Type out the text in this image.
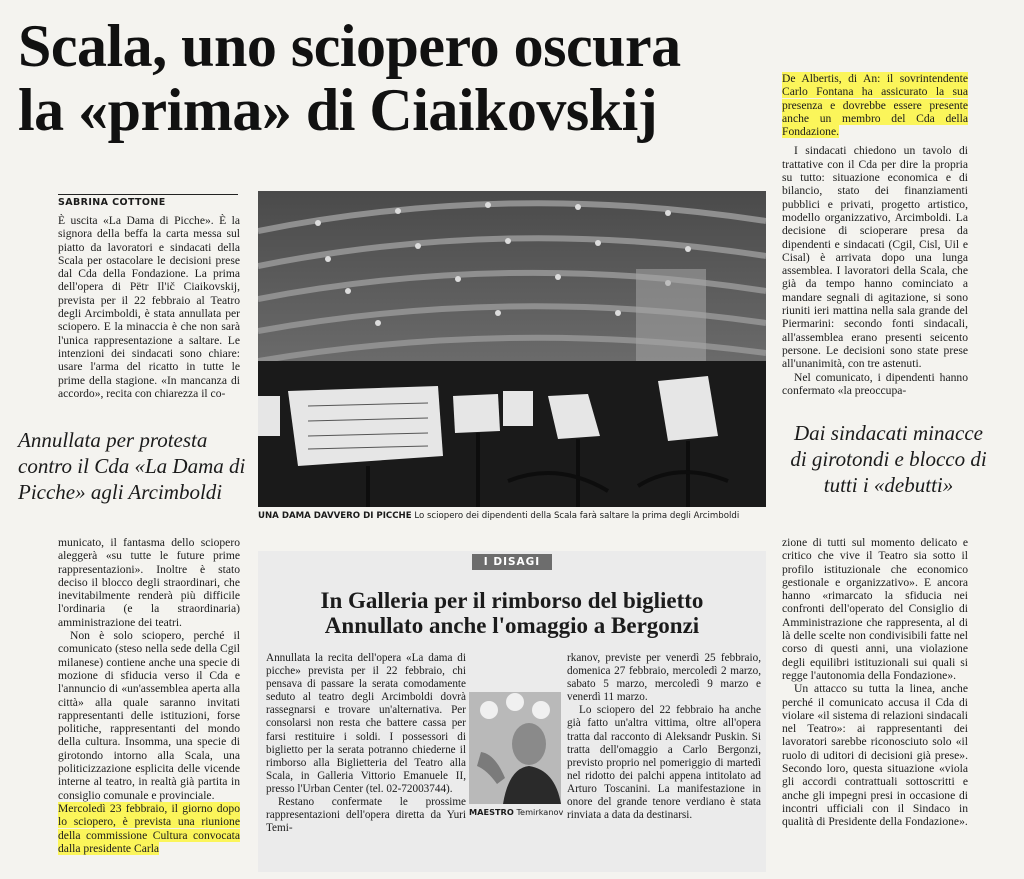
Scala, uno sciopero oscura
la «prima» di Ciaikovskij
SABRINA COTTONE

È uscita «La Dama di Picche». È la signora della beffa la carta messa sul piatto da lavoratori e sindacati della Scala per ostacolare le decisioni prese dal Cda della Fondazione. La prima dell'opera di Pëtr Il'ič Ciaikovskij, prevista per il 22 febbraio al Teatro degli Arcimboldi, è stata annullata per sciopero. E la minaccia è che non sarà l'unica rappresentazione a saltare. Le intenzioni dei sindacati sono chiare: usare l'arma del ricatto in tutte le prime della stagione. «In mancanza di accordo», recita con chiarezza il co-

Annullata per protesta contro il Cda «La Dama di Picche» agli Arcimboldi

municato, il fantasma dello sciopero aleggerà «su tutte le future prime rappresentazioni». Inoltre è stato deciso il blocco degli straordinari, che inevitabilmente renderà più difficile l'ordinaria (e la straordinaria) amministrazione dei teatri.

Non è solo sciopero, perché il comunicato (steso nella sede della Cgil milanese) contiene anche una specie di mozione di sfiducia verso il Cda e l'annuncio di «un'assemblea aperta alla città» alla quale saranno invitati rappresentanti delle istituzioni, forse politiche, rappresentanti del mondo della cultura. Insomma, una specie di girotondo intorno alla Scala, una politicizzazione esplicita delle vicende interne al teatro, in realtà già partita in consiglio comunale e provinciale.

Mercoledì 23 febbraio, il giorno dopo lo sciopero, è prevista una riunione della commissione Cultura convocata dalla presidente Carla

UNA DAMA DAVVERO DI PICCHE Lo sciopero dei dipendenti della Scala farà saltare la prima degli Arcimboldi
I DISAGI
In Galleria per il rimborso del biglietto
Annullato anche l'omaggio a Bergonzi

Annullata la recita dell'opera «La dama di picche» prevista per il 22 febbraio, chi pensava di passare la serata comodamente seduto al teatro degli Arcimboldi dovrà rassegnarsi e trovare un'alternativa. Per consolarsi non resta che battere cassa per farsi restituire i soldi. I possessori di biglietto per la serata potranno chiederne il rimborso alla Biglietteria del Teatro alla Scala, in Galleria Vittorio Emanuele II, presso l'Urban Center (tel. 02-72003744).

Restano confermate le prossime rappresentazioni dell'opera diretta da Yuri Temi-

MAESTRO Temirkanov

rkanov, previste per venerdì 25 febbraio, domenica 27 febbraio, mercoledì 2 marzo, sabato 5 marzo, mercoledì 9 marzo e venerdì 11 marzo.

Lo sciopero del 22 febbraio ha anche già fatto un'altra vittima, oltre all'opera tratta dal racconto di Aleksandr Puskin. Si tratta dell'omaggio a Carlo Bergonzi, previsto proprio nel pomeriggio di martedì nel ridotto dei palchi appena intitolato ad Arturo Toscanini. La manifestazione in onore del grande tenore verdiano è stata rinviata a data da destinarsi.

De Albertis, di An: il sovrintendente Carlo Fontana ha assicurato la sua presenza e dovrebbe essere presente anche un membro del Cda della Fondazione.

I sindacati chiedono un tavolo di trattative con il Cda per dire la propria su tutto: situazione economica e di bilancio, stato dei finanziamenti pubblici e privati, progetto artistico, modello organizzativo, Arcimboldi. La decisione di scioperare presa da dipendenti e sindacati (Cgil, Cisl, Uil e Cisal) è arrivata dopo una lunga assemblea. I lavoratori della Scala, che già da tempo hanno cominciato a mandare segnali di agitazione, si sono riuniti ieri mattina nella sala grande del Piermarini: secondo fonti sindacali, all'assemblea erano presenti seicento persone. Le decisioni sono state prese all'unanimità, con tre astenuti.

Nel comunicato, i dipendenti hanno confermato «la preoccupa-

Dai sindacati minacce di girotondi e blocco di tutti i «debutti»

zione di tutti sul momento delicato e critico che vive il Teatro sia sotto il profilo istituzionale che economico gestionale e organizzativo». E ancora hanno «rimarcato la sfiducia nei confronti dell'operato del Consiglio di Amministrazione che rappresenta, al di là delle scelte non condivisibili fatte nel corso di questi anni, una violazione degli equilibri istituzionali sui quali si regge l'autonomia della Fondazione».

Un attacco su tutta la linea, anche perché il comunicato accusa il Cda di violare «il sistema di relazioni sindacali nel Teatro»: ai rappresentanti dei lavoratori sarebbe riconosciuto solo «il ruolo di uditori di decisioni già prese». Secondo loro, questa situazione «viola gli accordi contrattuali sottoscritti e anche gli impegni presi in occasione di incontri ufficiali con il Sindaco in qualità di Presidente della Fondazione».
